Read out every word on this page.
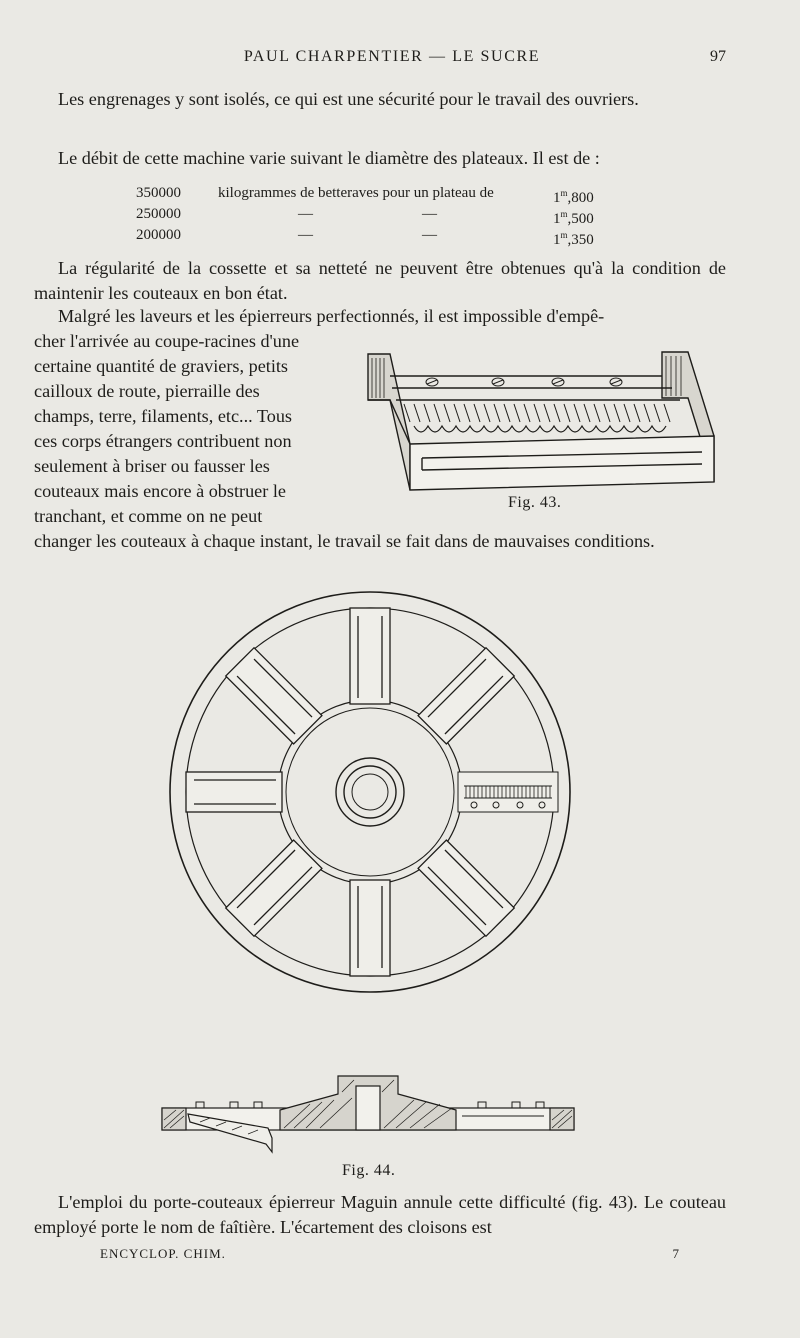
PAUL CHARPENTIER — LE SUCRE	97
Les engrenages y sont isolés, ce qui est une sécurité pour le travail des ouvriers.
Le débit de cette machine varie suivant le diamètre des plateaux. Il est de :
350000 kilogrammes de betteraves pour un plateau de	1$^m$,800
250000	—	—	1$^m$,500
200000	—	—	1$^m$,350
La régularité de la cossette et sa netteté ne peuvent être obtenues qu'à la condition de maintenir les couteaux en bon état.
Malgré les laveurs et les épierreurs perfectionnés, il est impossible d'empê-
cher l'arrivée au coupe-racines d'une
certaine quantité de graviers, petits
cailloux de route, pierraille des
champs, terre, filaments, etc... Tous
ces corps étrangers contribuent non
seulement à briser ou fausser les
couteaux mais encore à obstruer le
tranchant, et comme on ne peut
changer les couteaux à chaque instant, le travail se fait dans de mauvaises conditions.
Fig. 43.
Fig. 44.
L'emploi du porte-couteaux épierreur Maguin annule cette difficulté (fig. 43). Le couteau employé porte le nom de faîtière. L'écartement des cloisons est
ENCYCLOP. CHIM.	7
